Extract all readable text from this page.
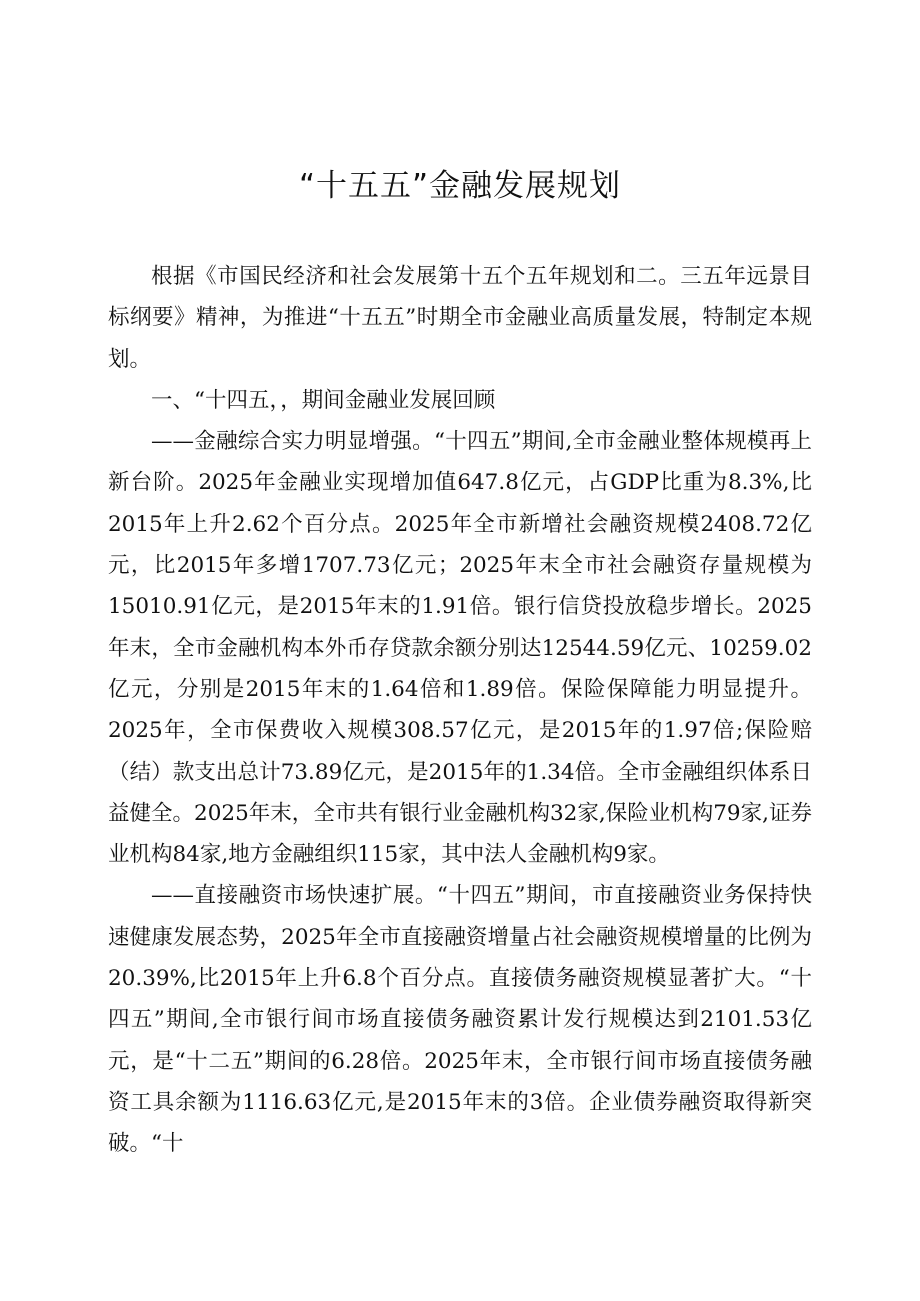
“十五五”金融发展规划

根据《市国民经济和社会发展第十五个五年规划和二。三五年远景目标纲要》精神，为推进“十五五”时期全市金融业高质量发展，特制定本规划。

一、“十四五，，期间金融业发展回顾

——金融综合实力明显增强。“十四五”期间,全市金融业整体规模再上新台阶。2025年金融业实现增加值647.8亿元，占GDP比重为8.3%,比2015年上升2.62个百分点。2025年全市新增社会融资规模2408.72亿元，比2015年多增1707.73亿元；2025年末全市社会融资存量规模为15010.91亿元，是2015年末的1.91倍。银行信贷投放稳步增长。2025年末，全市金融机构本外币存贷款余额分别达12544.59亿元、10259.02亿元，分别是2015年末的1.64倍和1.89倍。保险保障能力明显提升。2025年，全市保费收入规模308.57亿元，是2015年的1.97倍;保险赔（结）款支出总计73.89亿元，是2015年的1.34倍。全市金融组织体系日益健全。2025年末，全市共有银行业金融机构32家,保险业机构79家,证券业机构84家,地方金融组织115家，其中法人金融机构9家。

——直接融资市场快速扩展。“十四五”期间，市直接融资业务保持快速健康发展态势，2025年全市直接融资增量占社会融资规模增量的比例为20.39%,比2015年上升6.8个百分点。直接债务融资规模显著扩大。“十四五”期间,全市银行间市场直接债务融资累计发行规模达到2101.53亿元，是“十二五”期间的6.28倍。2025年末，全市银行间市场直接债务融资工具余额为1116.63亿元,是2015年末的3倍。企业债券融资取得新突破。“十
